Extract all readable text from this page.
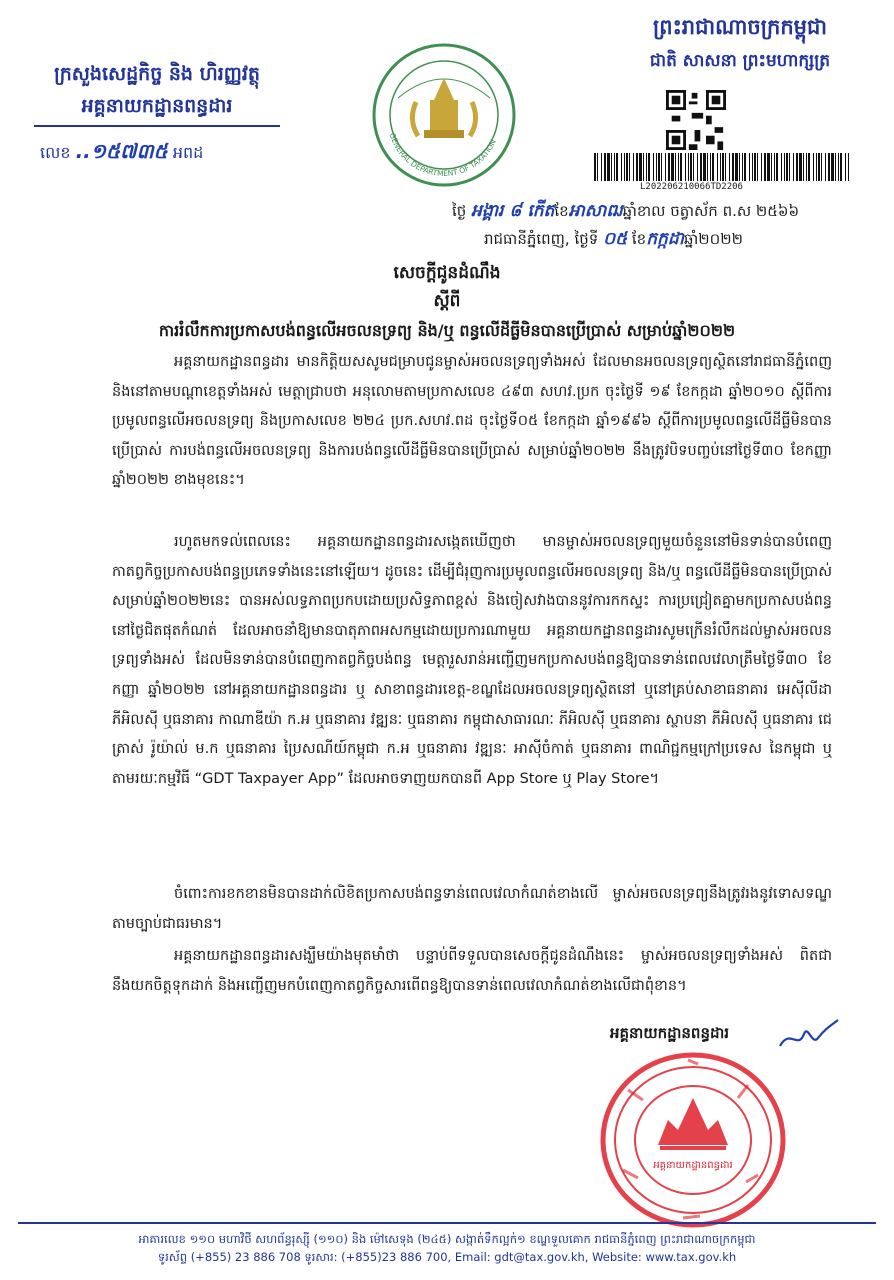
ក្រសួងសេដ្ឋកិច្ច និង ហិរញ្ញវត្ថុ
អគ្គនាយកដ្ឋានពន្ធដារ
លេខ ..១៥៧៣៥ អពដ
GENERAL DEPARTMENT OF TAXATION
ព្រះរាជាណាចក្រកម្ពុជា
ជាតិ សាសនា ព្រះមហាក្សត្រ
L202206210066TD2206
ថ្ងៃ អង្គារ ៨ កើតខែអាសាឍឆ្នាំខាល ចត្វាស័ក ព.ស ២៥៦៦
រាជធានីភ្នំពេញ, ថ្ងៃទី ០៥ ខែកក្កដាឆ្នាំ២០២២
សេចក្តីជូនដំណឹង
ស្តីពី
ការរំលឹកការប្រកាសបង់ពន្ធលើអចលនទ្រព្យ និង/ឬ ពន្ធលើដីធ្លីមិនបានប្រើប្រាស់ សម្រាប់ឆ្នាំ២០២២
អគ្គនាយកដ្ឋានពន្ធដារ មានកិត្តិយសសូមជម្រាបជូនម្ចាស់អចលនទ្រព្យទាំងអស់ ដែលមានអចលនទ្រព្យស្ថិតនៅរាជធានីភ្នំពេញ និងនៅតាមបណ្តាខេត្តទាំងអស់ មេត្តាជ្រាបថា អនុលោមតាមប្រកាសលេខ ៤៩៣ សហវ.ប្រក ចុះថ្ងៃទី ១៩ ខែកក្កដា ឆ្នាំ២០១០ ស្តីពីការប្រមូលពន្ធលើអចលនទ្រព្យ និងប្រកាសលេខ ២២៤ ប្រក.សហវ.ពដ ចុះថ្ងៃទី០៥ ខែកក្កដា ឆ្នាំ១៩៩៦ ស្តីពីការប្រមូលពន្ធលើដីធ្លីមិនបានប្រើប្រាស់ ការបង់ពន្ធលើអចលនទ្រព្យ និងការបង់ពន្ធលើដីធ្លីមិនបានប្រើប្រាស់ សម្រាប់ឆ្នាំ២០២២ នឹងត្រូវបិទបញ្ចប់នៅថ្ងៃទី៣០ ខែកញ្ញា ឆ្នាំ២០២២ ខាងមុខនេះ។
រហូតមកទល់ពេលនេះ អគ្គនាយកដ្ឋានពន្ធដារសង្កេតឃើញថា មានម្ចាស់អចលនទ្រព្យមួយចំនួននៅមិនទាន់បានបំពេញកាតព្វកិច្ចប្រកាសបង់ពន្ធប្រភេទទាំងនេះនៅឡើយ។ ដូចនេះ ដើម្បីជំរុញការប្រមូលពន្ធលើអចលនទ្រព្យ និង/ឬ ពន្ធលើដីធ្លីមិនបានប្រើប្រាស់ សម្រាប់ឆ្នាំ២០២២នេះ បានអស់លទ្ធភាពប្រកបដោយប្រសិទ្ធភាពខ្ពស់ និងចៀសវាងបាននូវការកកស្ទះ ការប្រជ្រៀតគ្នាមកប្រកាសបង់ពន្ធនៅថ្ងៃជិតផុតកំណត់ ដែលអាចនាំឱ្យមានបាតុភាពអសកម្មដោយប្រការណាមួយ អគ្គនាយកដ្ឋានពន្ធដារសូមក្រើនរំលឹកដល់ម្ចាស់អចលនទ្រព្យទាំងអស់ ដែលមិនទាន់បានបំពេញកាតព្វកិច្ចបង់ពន្ធ មេត្តារួសរាន់អញ្ជើញមកប្រកាសបង់ពន្ធឱ្យបានទាន់ពេលវេលាត្រឹមថ្ងៃទី៣០ ខែកញ្ញា ឆ្នាំ២០២២ នៅអគ្គនាយកដ្ឋានពន្ធដារ ឬ សាខាពន្ធដារខេត្ត-ខណ្ឌដែលអចលនទ្រព្យស្ថិតនៅ ឬនៅគ្រប់សាខាធនាគារ អេស៊ីលីដា ភីអិលស៊ី ឬធនាគារ កាណាឌីយ៉ា ក.អ ឬធនាគារ វឌ្ឍនៈ ឬធនាគារ កម្ពុជាសាធារណៈ ភីអិលស៊ី ឬធនាគារ ស្ថាបនា ភីអិលស៊ី ឬធនាគារ ជេ ត្រាស់ រ៉ូយ៉ាល់ ម.ក ឬធនាគារ ប្រៃសណីយ៍កម្ពុជា ក.អ ឬធនាគារ វឌ្ឍនៈ អាស៊ីចំកាត់ ឬធនាគារ ពាណិជ្ជកម្មក្រៅប្រទេស នៃកម្ពុជា ឬ តាមរយៈកម្មវិធី “GDT Taxpayer App” ដែលអាចទាញយកបានពី App Store ឬ Play Store។
ចំពោះការខកខានមិនបានដាក់លិខិតប្រកាសបង់ពន្ធទាន់ពេលវេលាកំណត់ខាងលើ ម្ចាស់អចលនទ្រព្យនឹងត្រូវរងនូវទោសទណ្ឌ តាមច្បាប់ជាធរមាន។
អគ្គនាយកដ្ឋានពន្ធដារសង្ឃឹមយ៉ាងមុតមាំថា បន្ទាប់ពីទទួលបានសេចក្តីជូនដំណឹងនេះ ម្ចាស់អចលនទ្រព្យទាំងអស់ ពិតជានឹងយកចិត្តទុកដាក់ និងអញ្ជើញមកបំពេញកាតព្វកិច្ចសារពើពន្ធឱ្យបានទាន់ពេលវេលាកំណត់ខាងលើជាពុំខាន។
អគ្គនាយកដ្ឋានពន្ធដារ
អគ្គនាយកដ្ឋានពន្ធដារ
អាគារលេខ ១១០ មហាវិថី សហព័ន្ធរុស្ស៊ី (១១០) និង ម៉ៅសេទុង (២៤៥) សង្កាត់ទឹកល្អក់១ ខណ្ឌទួលគោក រាជធានីភ្នំពេញ ព្រះរាជាណាចក្រកម្ពុជា
ទូរស័ព្ទ (+855) 23 886 708 ទូរសារ: (+855)23 886 700, Email: gdt@tax.gov.kh, Website: www.tax.gov.kh
